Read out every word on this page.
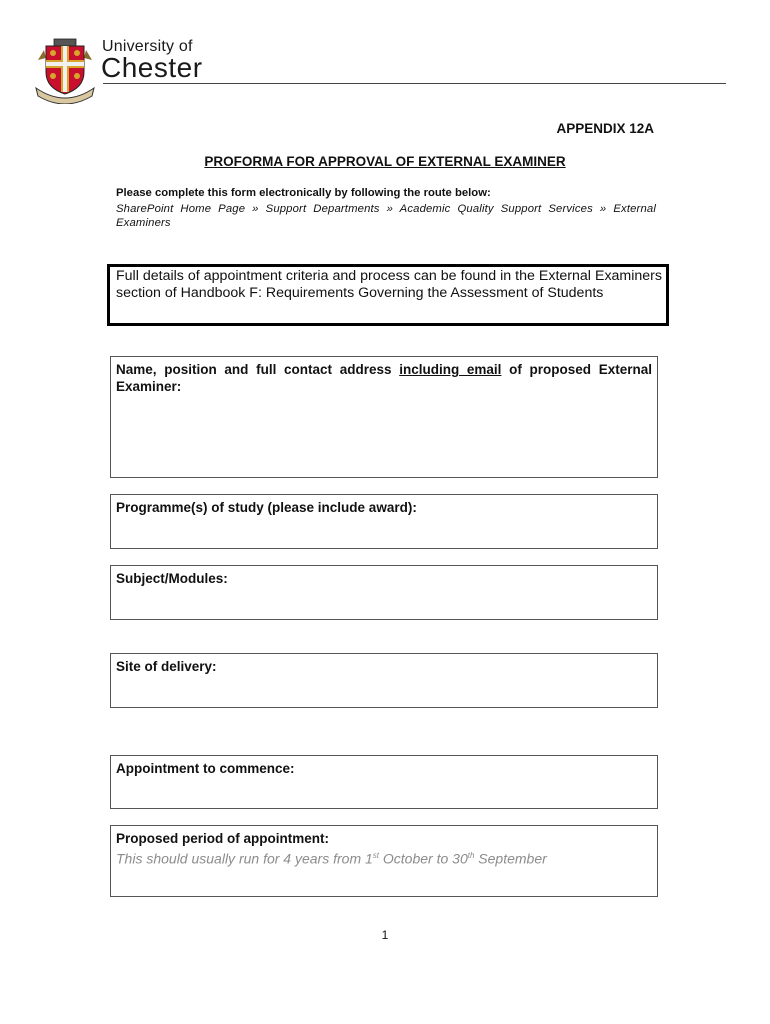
University of
Chester
APPENDIX 12A
PROFORMA FOR APPROVAL OF EXTERNAL EXAMINER
Please complete this form electronically by following the route below:
SharePoint Home Page » Support Departments » Academic Quality Support Services » External Examiners
Full details of appointment criteria and process can be found in the External Examiners section of Handbook F: Requirements Governing the Assessment of Students
Name, position and full contact address including email of proposed External Examiner:
Programme(s) of study (please include award):
Subject/Modules:
Site of delivery:
Appointment to commence:
Proposed period of appointment:
This should usually run for 4 years from 1st October to 30th September
1
